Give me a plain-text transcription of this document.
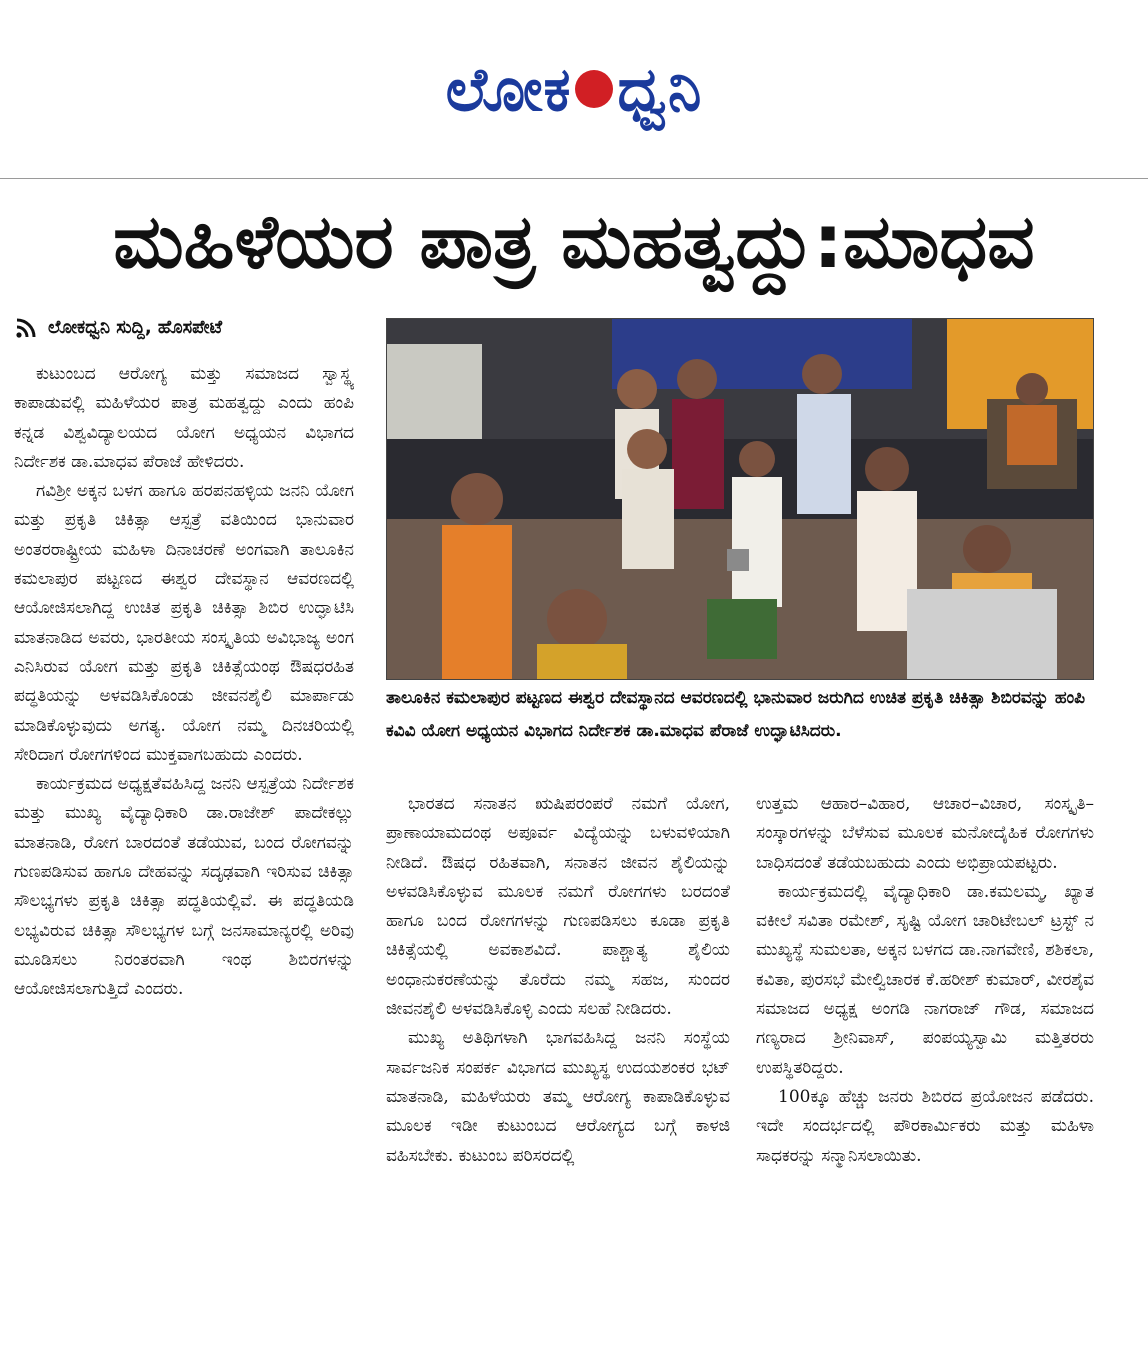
ಲೋಕ ಧ್ವನಿ
ಮಹಿಳೆಯರ ಪಾತ್ರ ಮಹತ್ವದ್ದು:ಮಾಧವ
ಲೋಕಧ್ವನಿ ಸುದ್ದಿ, ಹೊಸಪೇಟೆ

ಕುಟುಂಬದ ಆರೋಗ್ಯ ಮತ್ತು ಸಮಾಜದ ಸ್ವಾಸ್ಥ್ಯ ಕಾಪಾಡುವಲ್ಲಿ ಮಹಿಳೆಯರ ಪಾತ್ರ ಮಹತ್ವದ್ದು ಎಂದು ಹಂಪಿ ಕನ್ನಡ ವಿಶ್ವವಿದ್ಯಾಲಯದ ಯೋಗ ಅಧ್ಯಯನ ವಿಭಾಗದ ನಿರ್ದೇಶಕ ಡಾ.ಮಾಧವ ಪೆರಾಜೆ ಹೇಳಿದರು.

ಗವಿಶ್ರೀ ಅಕ್ಕನ ಬಳಗ ಹಾಗೂ ಹರಪನಹಳ್ಳಿಯ ಜನನಿ ಯೋಗ ಮತ್ತು ಪ್ರಕೃತಿ ಚಿಕಿತ್ಸಾ ಆಸ್ಪತ್ರೆ ವತಿಯಿಂದ ಭಾನುವಾರ ಅಂತರರಾಷ್ಟ್ರೀಯ ಮಹಿಳಾ ದಿನಾಚರಣೆ ಅಂಗವಾಗಿ ತಾಲೂಕಿನ ಕಮಲಾಪುರ ಪಟ್ಟಣದ ಈಶ್ವರ ದೇವಸ್ಥಾನ ಆವರಣದಲ್ಲಿ ಆಯೋಜಿಸಲಾಗಿದ್ದ ಉಚಿತ ಪ್ರಕೃತಿ ಚಿಕಿತ್ಸಾ ಶಿಬಿರ ಉದ್ಘಾಟಿಸಿ ಮಾತನಾಡಿದ ಅವರು, ಭಾರತೀಯ ಸಂಸ್ಕೃತಿಯ ಅವಿಭಾಜ್ಯ ಅಂಗ ಎನಿಸಿರುವ ಯೋಗ ಮತ್ತು ಪ್ರಕೃತಿ ಚಿಕಿತ್ಸೆಯಂಥ ಔಷಧರಹಿತ ಪದ್ಧತಿಯನ್ನು ಅಳವಡಿಸಿಕೊಂಡು ಜೀವನಶೈಲಿ ಮಾರ್ಪಾಡು ಮಾಡಿಕೊಳ್ಳುವುದು ಅಗತ್ಯ. ಯೋಗ ನಮ್ಮ ದಿನಚರಿಯಲ್ಲಿ ಸೇರಿದಾಗ ರೋಗಗಳಿಂದ ಮುಕ್ತವಾಗಬಹುದು ಎಂದರು.

ಕಾರ್ಯಕ್ರಮದ ಅಧ್ಯಕ್ಷತೆವಹಿಸಿದ್ದ ಜನನಿ ಆಸ್ಪತ್ರೆಯ ನಿರ್ದೇಶಕ ಮತ್ತು ಮುಖ್ಯ ವೈದ್ಯಾಧಿಕಾರಿ ಡಾ.ರಾಜೇಶ್ ಪಾದೇಕಲ್ಲು ಮಾತನಾಡಿ, ರೋಗ ಬಾರದಂತೆ ತಡೆಯುವ, ಬಂದ ರೋಗವನ್ನು ಗುಣಪಡಿಸುವ ಹಾಗೂ ದೇಹವನ್ನು ಸದೃಢವಾಗಿ ಇರಿಸುವ ಚಿಕಿತ್ಸಾ ಸೌಲಭ್ಯಗಳು ಪ್ರಕೃತಿ ಚಿಕಿತ್ಸಾ ಪದ್ಧತಿಯಲ್ಲಿವೆ. ಈ ಪದ್ಧತಿಯಡಿ ಲಭ್ಯವಿರುವ ಚಿಕಿತ್ಸಾ ಸೌಲಭ್ಯಗಳ ಬಗ್ಗೆ ಜನಸಾಮಾನ್ಯರಲ್ಲಿ ಅರಿವು ಮೂಡಿಸಲು ನಿರಂತರವಾಗಿ ಇಂಥ ಶಿಬಿರಗಳನ್ನು ಆಯೋಜಿಸಲಾಗುತ್ತಿದೆ ಎಂದರು.

ತಾಲೂಕಿನ ಕಮಲಾಪುರ ಪಟ್ಟಣದ ಈಶ್ವರ ದೇವಸ್ಥಾನದ ಆವರಣದಲ್ಲಿ ಭಾನುವಾರ ಜರುಗಿದ ಉಚಿತ ಪ್ರಕೃತಿ ಚಿಕಿತ್ಸಾ ಶಿಬಿರವನ್ನು ಹಂಪಿ ಕವಿವಿ ಯೋಗ ಅಧ್ಯಯನ ವಿಭಾಗದ ನಿರ್ದೇಶಕ ಡಾ.ಮಾಧವ ಪೆರಾಜೆ ಉದ್ಘಾಟಿಸಿದರು.

ಭಾರತದ ಸನಾತನ ಋಷಿಪರಂಪರೆ ನಮಗೆ ಯೋಗ, ಪ್ರಾಣಾಯಾಮದಂಥ ಅಪೂರ್ವ ವಿದ್ಯೆಯನ್ನು ಬಳುವಳಿಯಾಗಿ ನೀಡಿದೆ. ಔಷಧ ರಹಿತವಾಗಿ, ಸನಾತನ ಜೀವನ ಶೈಲಿಯನ್ನು ಅಳವಡಿಸಿಕೊಳ್ಳುವ ಮೂಲಕ ನಮಗೆ ರೋಗಗಳು ಬರದಂತೆ ಹಾಗೂ ಬಂದ ರೋಗಗಳನ್ನು ಗುಣಪಡಿಸಲು ಕೂಡಾ ಪ್ರಕೃತಿ ಚಿಕಿತ್ಸೆಯಲ್ಲಿ ಅವಕಾಶವಿದೆ. ಪಾಶ್ಚಾತ್ಯ ಶೈಲಿಯ ಅಂಧಾನುಕರಣೆಯನ್ನು ತೊರೆದು ನಮ್ಮ ಸಹಜ, ಸುಂದರ ಜೀವನಶೈಲಿ ಅಳವಡಿಸಿಕೊಳ್ಳಿ ಎಂದು ಸಲಹೆ ನೀಡಿದರು.

ಮುಖ್ಯ ಅತಿಥಿಗಳಾಗಿ ಭಾಗವಹಿಸಿದ್ದ ಜನನಿ ಸಂಸ್ಥೆಯ ಸಾರ್ವಜನಿಕ ಸಂಪರ್ಕ ವಿಭಾಗದ ಮುಖ್ಯಸ್ಥ ಉದಯಶಂಕರ ಭಟ್ ಮಾತನಾಡಿ, ಮಹಿಳೆಯರು ತಮ್ಮ ಆರೋಗ್ಯ ಕಾಪಾಡಿಕೊಳ್ಳುವ ಮೂಲಕ ಇಡೀ ಕುಟುಂಬದ ಆರೋಗ್ಯದ ಬಗ್ಗೆ ಕಾಳಜಿ ವಹಿಸಬೇಕು. ಕುಟುಂಬ ಪರಿಸರದಲ್ಲಿ

ಉತ್ತಮ ಆಹಾರ–ವಿಹಾರ, ಆಚಾರ–ವಿಚಾರ, ಸಂಸ್ಕೃತಿ–ಸಂಸ್ಕಾರಗಳನ್ನು ಬೆಳೆಸುವ ಮೂಲಕ ಮನೋದೈಹಿಕ ರೋಗಗಳು ಬಾಧಿಸದಂತೆ ತಡೆಯಬಹುದು ಎಂದು ಅಭಿಪ್ರಾಯಪಟ್ಟರು.

ಕಾರ್ಯಕ್ರಮದಲ್ಲಿ ವೈದ್ಯಾಧಿಕಾರಿ ಡಾ.ಕಮಲಮ್ಮ, ಖ್ಯಾತ ವಕೀಲೆ ಸವಿತಾ ರಮೇಶ್, ಸೃಷ್ಟಿ ಯೋಗ ಚಾರಿಟೇಬಲ್ ಟ್ರಸ್ಟ್ ನ ಮುಖ್ಯಸ್ಥೆ ಸುಮಲತಾ, ಅಕ್ಕನ ಬಳಗದ ಡಾ.ನಾಗವೇಣಿ, ಶಶಿಕಲಾ, ಕವಿತಾ, ಪುರಸಭೆ ಮೇಲ್ವಿಚಾರಕ ಕೆ.ಹರೀಶ್ ಕುಮಾರ್, ವೀರಶೈವ ಸಮಾಜದ ಅಧ್ಯಕ್ಷ ಅಂಗಡಿ ನಾಗರಾಜ್ ಗೌಡ, ಸಮಾಜದ ಗಣ್ಯರಾದ ಶ್ರೀನಿವಾಸ್, ಪಂಪಯ್ಯಸ್ವಾಮಿ ಮತ್ತಿತರರು ಉಪಸ್ಥಿತರಿದ್ದರು.

100ಕ್ಕೂ ಹೆಚ್ಚು ಜನರು ಶಿಬಿರದ ಪ್ರಯೋಜನ ಪಡೆದರು. ಇದೇ ಸಂದರ್ಭದಲ್ಲಿ ಪೌರಕಾರ್ಮಿಕರು ಮತ್ತು ಮಹಿಳಾ ಸಾಧಕರನ್ನು ಸನ್ಮಾನಿಸಲಾಯಿತು.
